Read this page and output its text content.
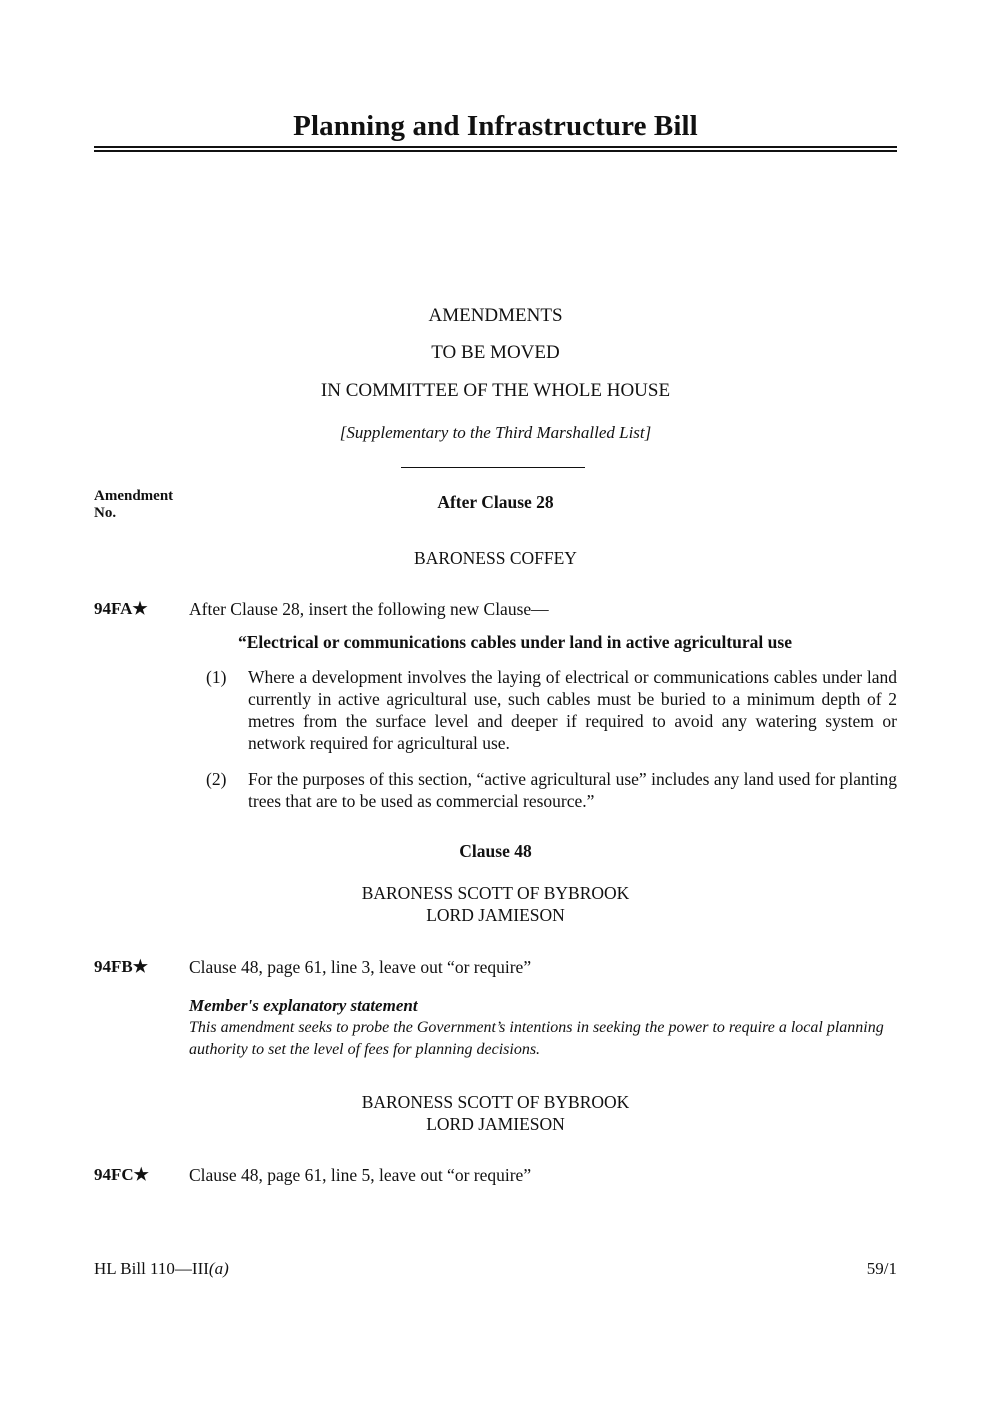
Planning and Infrastructure Bill
AMENDMENTS
TO BE MOVED
IN COMMITTEE OF THE WHOLE HOUSE
[Supplementary to the Third Marshalled List]
Amendment
No.
After Clause 28
BARONESS COFFEY
94FA★ After Clause 28, insert the following new Clause—
“Electrical or communications cables under land in active agricultural use
(1) Where a development involves the laying of electrical or communications cables under land currently in active agricultural use, such cables must be buried to a minimum depth of 2 metres from the surface level and deeper if required to avoid any watering system or network required for agricultural use.
(2) For the purposes of this section, “active agricultural use” includes any land used for planting trees that are to be used as commercial resource.”
Clause 48
BARONESS SCOTT OF BYBROOK
LORD JAMIESON
94FB★ Clause 48, page 61, line 3, leave out “or require”
Member's explanatory statement
This amendment seeks to probe the Government’s intentions in seeking the power to require a local planning authority to set the level of fees for planning decisions.
BARONESS SCOTT OF BYBROOK
LORD JAMIESON
94FC★ Clause 48, page 61, line 5, leave out “or require”
HL Bill 110—III(a)	59/1
